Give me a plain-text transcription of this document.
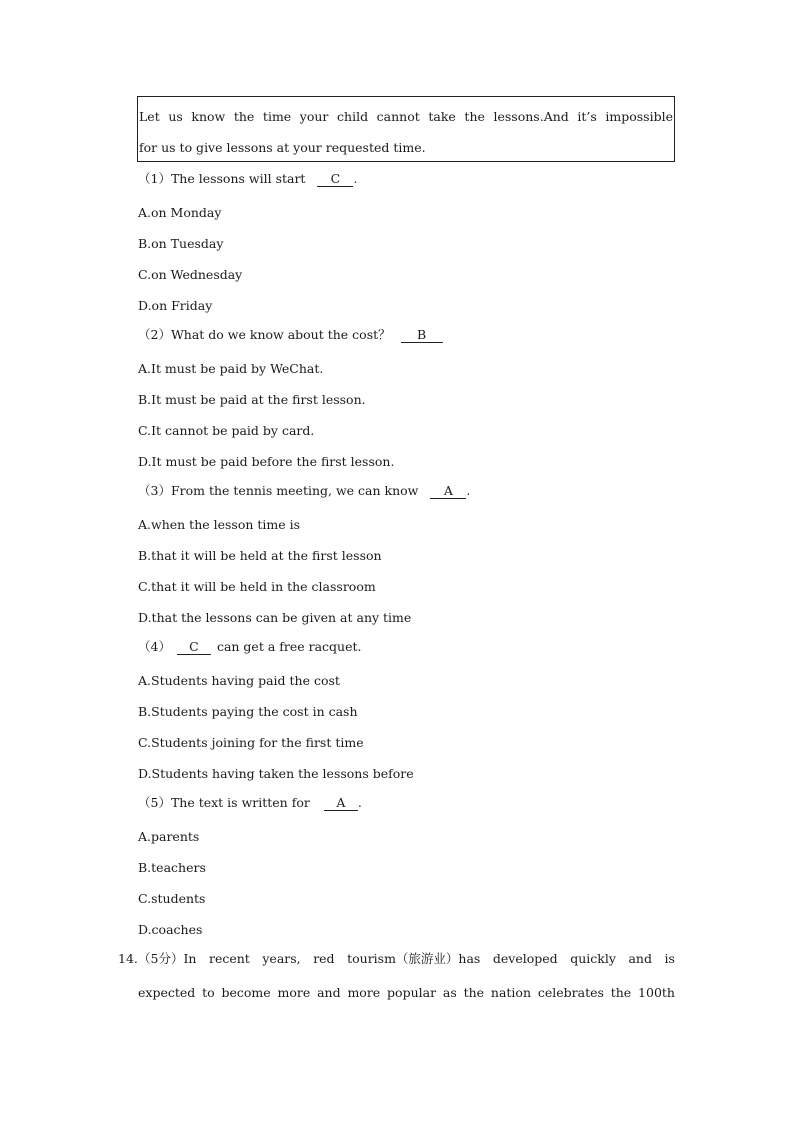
Let us know the time your child cannot take the lessons.And it’s impossible
for us to give lessons at your requested time.
（1）The lessons will start C .
A.on Monday
B.on Tuesday
C.on Wednesday
D.on Friday
（2）What do we know about the cost？ B
A.It must be paid by WeChat.
B.It must be paid at the first lesson.
C.It cannot be paid by card.
D.It must be paid before the first lesson.
（3）From the tennis meeting, we can know A .
A.when the lesson time is
B.that it will be held at the first lesson
C.that it will be held in the classroom
D.that the lessons can be given at any time
（4） C can get a free racquet.
A.Students having paid the cost
B.Students paying the cost in cash
C.Students joining for the first time
D.Students having taken the lessons before
（5）The text is written for A .
A.parents
B.teachers
C.students
D.coaches
14. （5分）In recent years, red tourism（旅游业）has developed quickly and is
expected to become more and more popular as the nation celebrates the 100th
